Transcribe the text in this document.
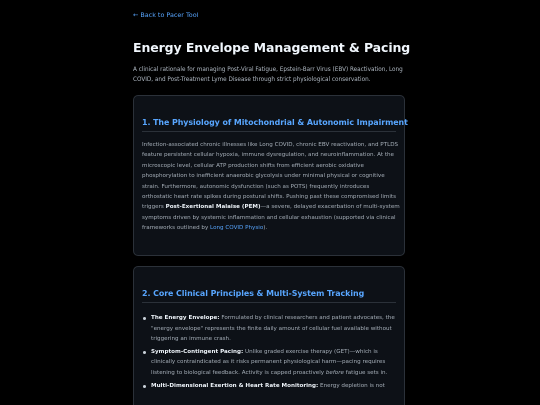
← Back to Pacer Tool
Energy Envelope Management & Pacing

A clinical rationale for managing Post-Viral Fatigue, Epstein-Barr Virus (EBV) Reactivation, Long COVID, and Post-Treatment Lyme Disease through strict physiological conservation.

1. The Physiology of Mitochondrial & Autonomic Impairment

Infection-associated chronic illnesses like Long COVID, chronic EBV reactivation, and PTLDS feature persistent cellular hypoxia, immune dysregulation, and neuroinflammation. At the microscopic level, cellular ATP production shifts from efficient aerobic oxidative phosphorylation to inefficient anaerobic glycolysis under minimal physical or cognitive strain. Furthermore, autonomic dysfunction (such as POTS) frequently introduces orthostatic heart rate spikes during postural shifts. Pushing past these compromised limits triggers Post-Exertional Malaise (PEM)—a severe, delayed exacerbation of multi-system symptoms driven by systemic inflammation and cellular exhaustion (supported via clinical frameworks outlined by Long COVID Physio).

2. Core Clinical Principles & Multi-System Tracking
The Energy Envelope: Formulated by clinical researchers and patient advocates, the "energy envelope" represents the finite daily amount of cellular fuel available without triggering an immune crash.
Symptom-Contingent Pacing: Unlike graded exercise therapy (GET)—which is clinically contraindicated as it risks permanent physiological harm—pacing requires listening to biological feedback. Activity is capped proactively before fatigue sets in.
Multi-Dimensional Exertion & Heart Rate Monitoring: Energy depletion is not
